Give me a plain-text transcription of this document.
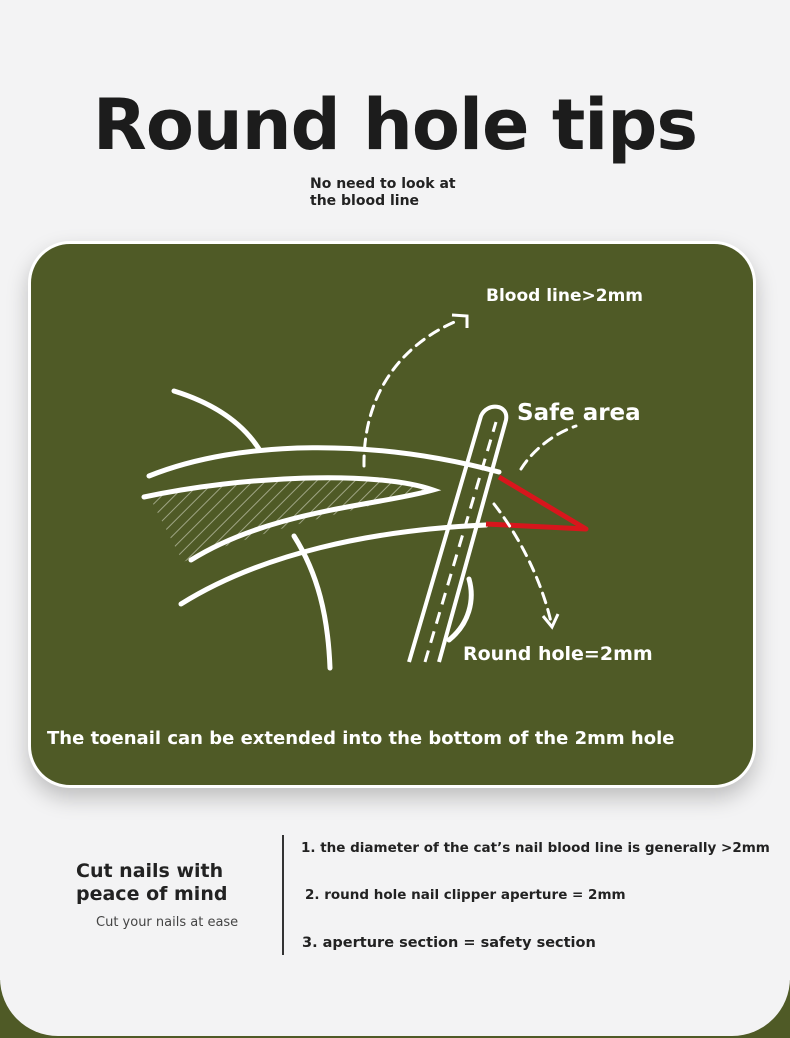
Round hole tips
No need to look at
the blood line
Blood line>2mm
Safe area
Round hole=2mm
The toenail can be extended into the bottom of the 2mm hole
Cut nails with
peace of mind
Cut your nails at ease
1. the diameter of the cat’s nail blood line is generally >2mm
2. round hole nail clipper aperture = 2mm
3. aperture section = safety section
